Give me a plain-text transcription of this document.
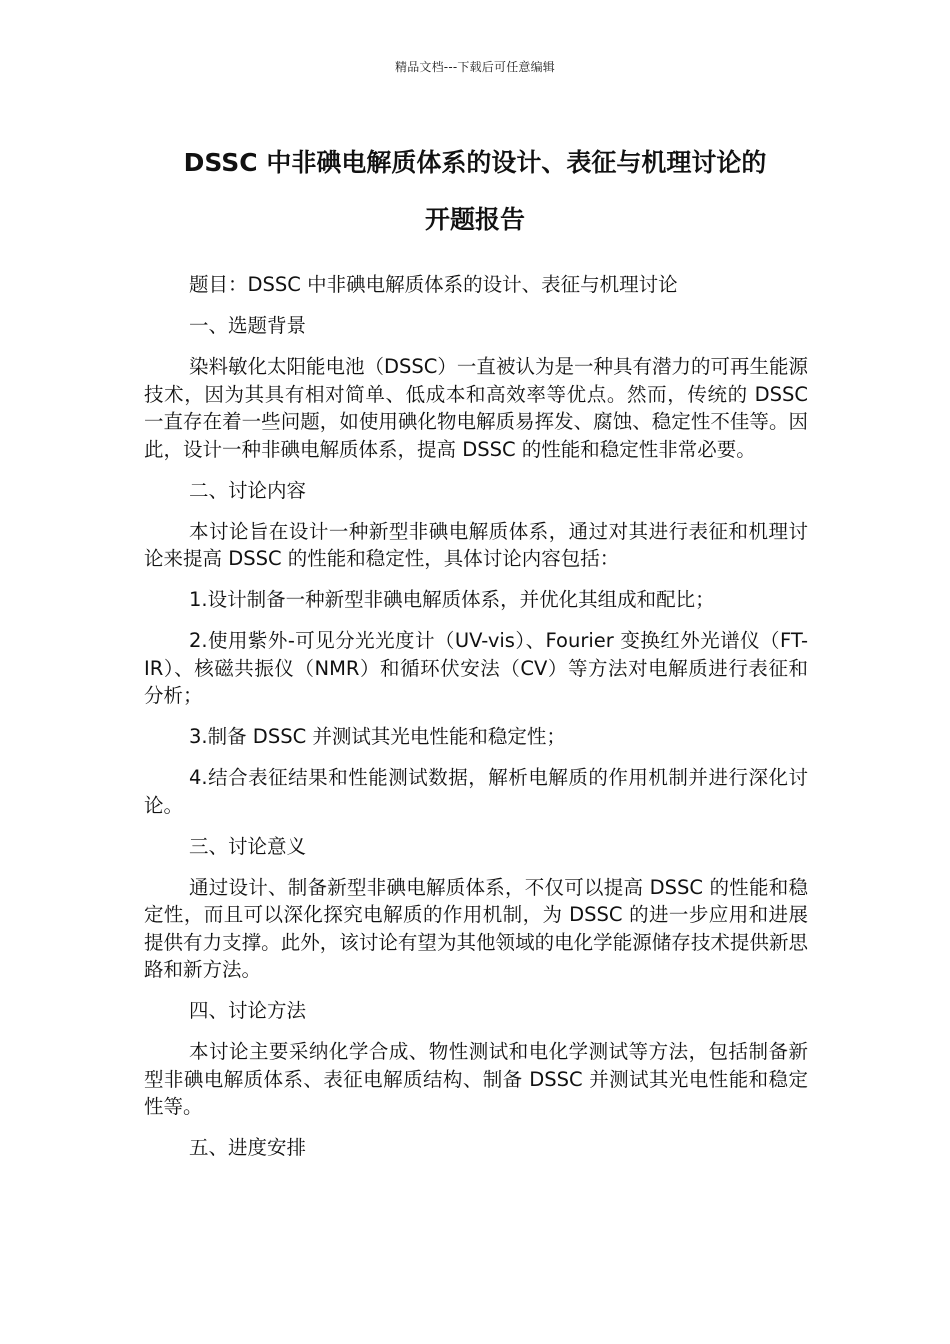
精品文档---下载后可任意编辑
DSSC 中非碘电解质体系的设计、表征与机理讨论的
开题报告

题目：DSSC 中非碘电解质体系的设计、表征与机理讨论

一、选题背景

染料敏化太阳能电池（DSSC）一直被认为是一种具有潜力的可再生能源技术，因为其具有相对简单、低成本和高效率等优点。然而，传统的 DSSC 一直存在着一些问题，如使用碘化物电解质易挥发、腐蚀、稳定性不佳等。因此，设计一种非碘电解质体系，提高 DSSC 的性能和稳定性非常必要。

二、讨论内容

本讨论旨在设计一种新型非碘电解质体系，通过对其进行表征和机理讨论来提高 DSSC 的性能和稳定性，具体讨论内容包括：

1.设计制备一种新型非碘电解质体系，并优化其组成和配比；

2.使用紫外-可见分光光度计（UV-vis）、Fourier 变换红外光谱仪（FT-IR）、核磁共振仪（NMR）和循环伏安法（CV）等方法对电解质进行表征和分析；

3.制备 DSSC 并测试其光电性能和稳定性；

4.结合表征结果和性能测试数据，解析电解质的作用机制并进行深化讨论。

三、讨论意义

通过设计、制备新型非碘电解质体系，不仅可以提高 DSSC 的性能和稳定性，而且可以深化探究电解质的作用机制，为 DSSC 的进一步应用和进展提供有力支撑。此外，该讨论有望为其他领域的电化学能源储存技术提供新思路和新方法。

四、讨论方法

本讨论主要采纳化学合成、物性测试和电化学测试等方法，包括制备新型非碘电解质体系、表征电解质结构、制备 DSSC 并测试其光电性能和稳定性等。

五、进度安排
